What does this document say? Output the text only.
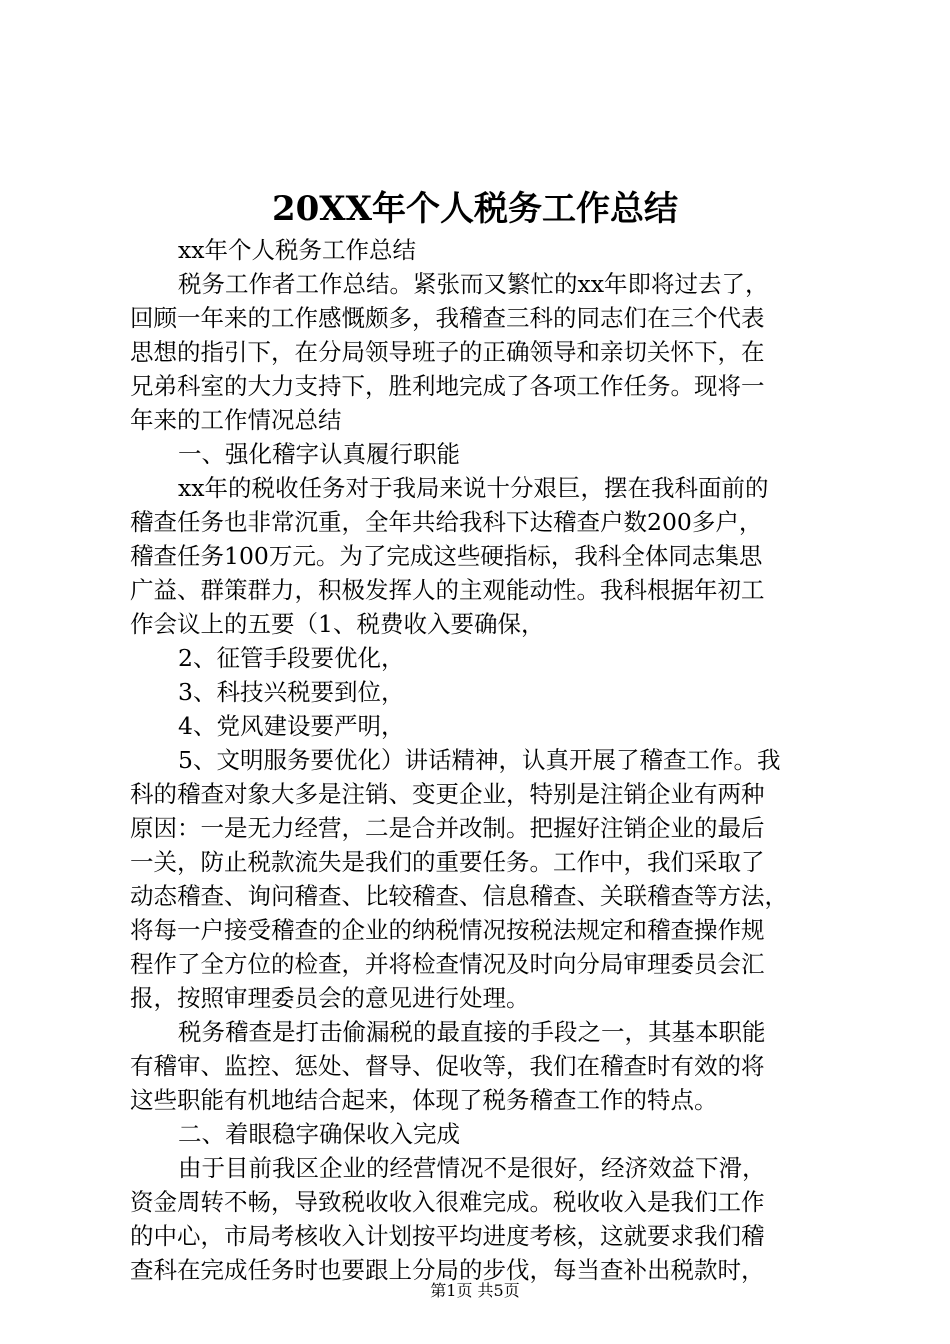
20XX年个人税务工作总结
xx年个人税务工作总结
税务工作者工作总结。紧张而又繁忙的xx年即将过去了，
回顾一年来的工作感慨颇多，我稽查三科的同志们在三个代表
思想的指引下，在分局领导班子的正确领导和亲切关怀下，在
兄弟科室的大力支持下，胜利地完成了各项工作任务。现将一
年来的工作情况总结
一、强化稽字认真履行职能
xx年的税收任务对于我局来说十分艰巨，摆在我科面前的
稽查任务也非常沉重，全年共给我科下达稽查户数200多户，
稽查任务100万元。为了完成这些硬指标，我科全体同志集思
广益、群策群力，积极发挥人的主观能动性。我科根据年初工
作会议上的五要（1、税费收入要确保，
2、征管手段要优化，
3、科技兴税要到位，
4、党风建设要严明，
5、文明服务要优化）讲话精神，认真开展了稽查工作。我
科的稽查对象大多是注销、变更企业，特别是注销企业有两种
原因：一是无力经营，二是合并改制。把握好注销企业的最后
一关，防止税款流失是我们的重要任务。工作中，我们采取了
动态稽查、询问稽查、比较稽查、信息稽查、关联稽查等方法，
将每一户接受稽查的企业的纳税情况按税法规定和稽查操作规
程作了全方位的检查，并将检查情况及时向分局审理委员会汇
报，按照审理委员会的意见进行处理。
税务稽查是打击偷漏税的最直接的手段之一，其基本职能
有稽审、监控、惩处、督导、促收等，我们在稽查时有效的将
这些职能有机地结合起来，体现了税务稽查工作的特点。
二、着眼稳字确保收入完成
由于目前我区企业的经营情况不是很好，经济效益下滑，
资金周转不畅，导致税收收入很难完成。税收收入是我们工作
的中心，市局考核收入计划按平均进度考核，这就要求我们稽
查科在完成任务时也要跟上分局的步伐，每当查补出税款时，
第1页 共5页
